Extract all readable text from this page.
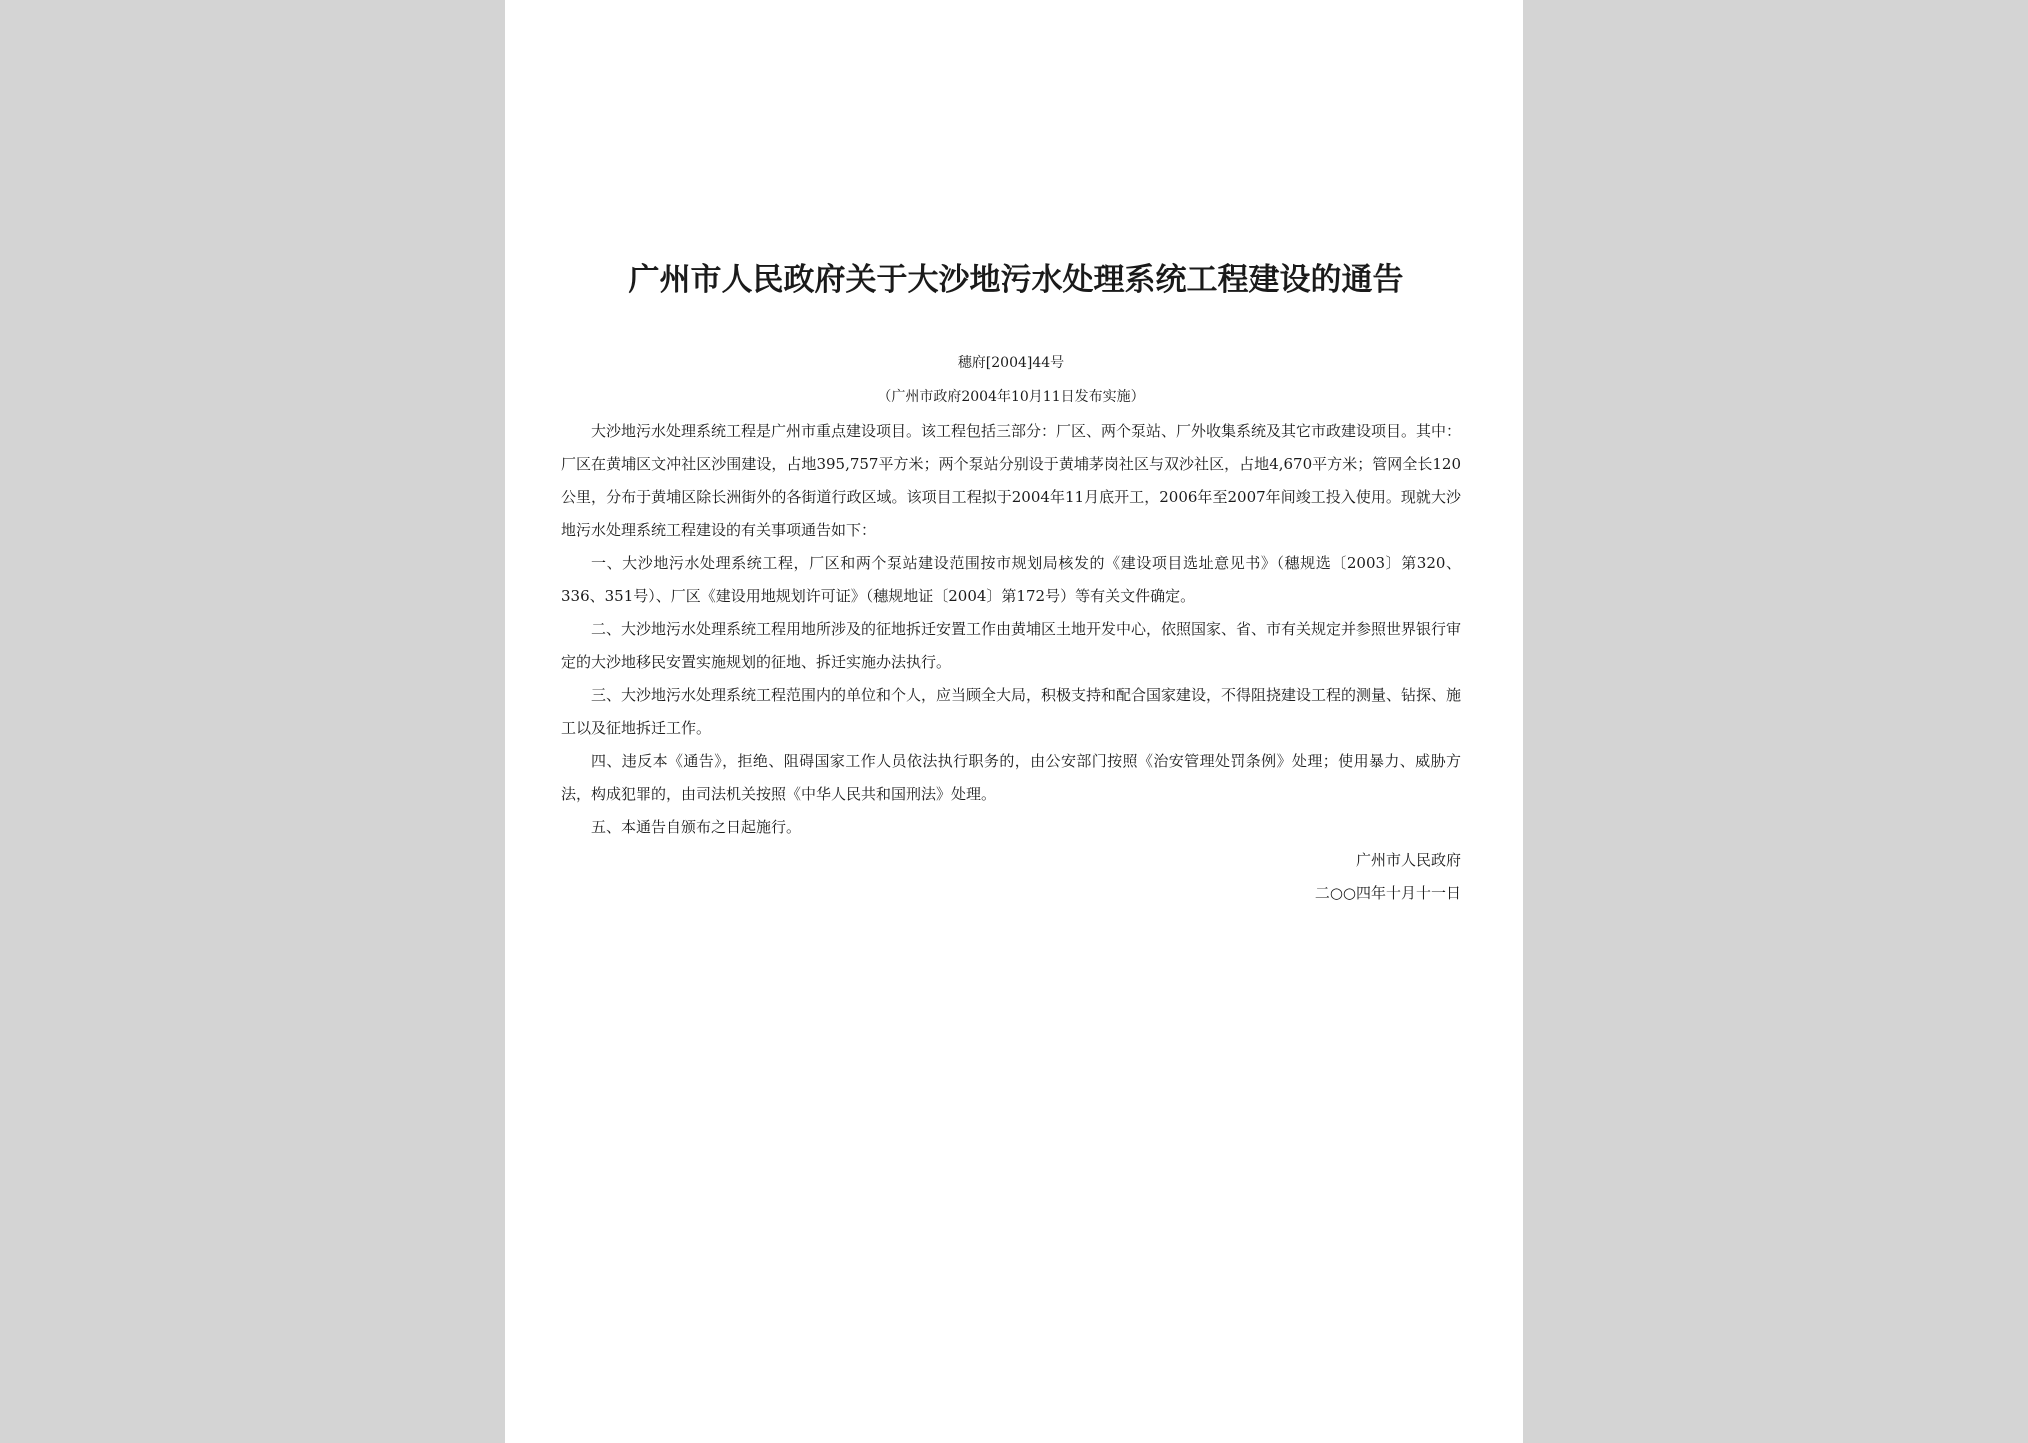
广州市人民政府关于大沙地污水处理系统工程建设的通告
穗府[2004]44号
（广州市政府2004年10月11日发布实施）

大沙地污水处理系统工程是广州市重点建设项目。该工程包括三部分：厂区、两个泵站、厂外收集系统及其它市政建设项目。其中：厂区在黄埔区文冲社区沙围建设，占地395,757平方米；两个泵站分别设于黄埔茅岗社区与双沙社区，占地4,670平方米；管网全长120公里，分布于黄埔区除长洲街外的各街道行政区域。该项目工程拟于2004年11月底开工，2006年至2007年间竣工投入使用。现就大沙地污水处理系统工程建设的有关事项通告如下：

一、大沙地污水处理系统工程，厂区和两个泵站建设范围按市规划局核发的《建设项目选址意见书》（穗规选〔2003〕第320、336、351号）、厂区《建设用地规划许可证》（穗规地证〔2004〕第172号）等有关文件确定。

二、大沙地污水处理系统工程用地所涉及的征地拆迁安置工作由黄埔区土地开发中心，依照国家、省、市有关规定并参照世界银行审定的大沙地移民安置实施规划的征地、拆迁实施办法执行。

三、大沙地污水处理系统工程范围内的单位和个人，应当顾全大局，积极支持和配合国家建设，不得阻挠建设工程的测量、钻探、施工以及征地拆迁工作。

四、违反本《通告》，拒绝、阻碍国家工作人员依法执行职务的，由公安部门按照《治安管理处罚条例》处理；使用暴力、威胁方法，构成犯罪的，由司法机关按照《中华人民共和国刑法》处理。

五、本通告自颁布之日起施行。

广州市人民政府
二○○四年十月十一日
